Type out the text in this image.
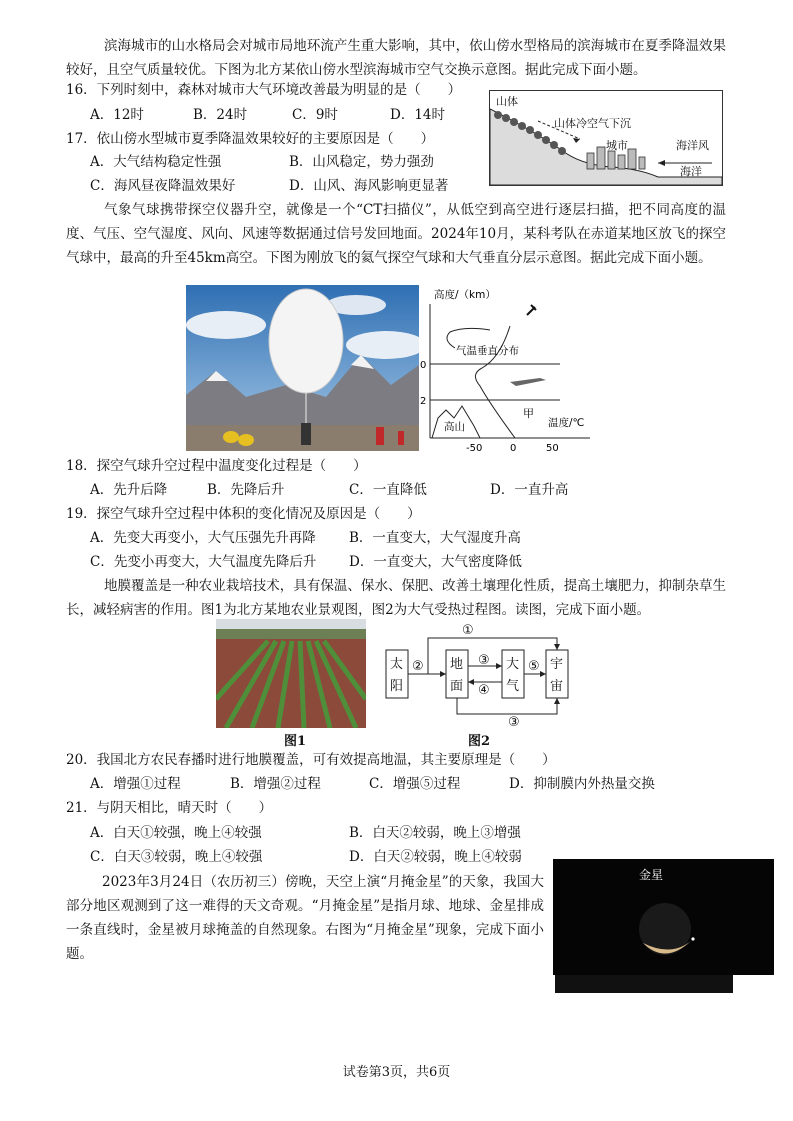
滨海城市的山水格局会对城市局地环流产生重大影响，其中，依山傍水型格局的滨海城市在夏季降温效果较好，且空气质量较优。下图为北方某依山傍水型滨海城市空气交换示意图。据此完成下面小题。
16．下列时刻中，森林对城市大气环境改善最为明显的是（　　）
A．12时	B．24时	C．9时	D．14时
17．依山傍水型城市夏季降温效果较好的主要原因是（　　）
A．大气结构稳定性强	B．山风稳定，势力强劲
C．海风昼夜降温效果好	D．山风、海风影响更显著
山体
山体冷空气下沉
城市	海洋风
海洋
气象气球携带探空仪器升空，就像是一个“CT扫描仪”，从低空到高空进行逐层扫描，把不同高度的温度、气压、空气湿度、风向、风速等数据通过信号发回地面。2024年10月，某科考队在赤道某地区放飞的探空气球中，最高的升至45km高空。下图为刚放飞的氦气探空气球和大气垂直分层示意图。据此完成下面小题。
高度/（km）
气温垂直分布
0
2
甲
高山	温度/℃
-50	0	50
18．探空气球升空过程中温度变化过程是（　　）
A．先升后降	B．先降后升	C．一直降低	D．一直升高
19．探空气球升空过程中体积的变化情况及原因是（　　）
A．先变大再变小，大气压强先升再降 B．一直变大，大气湿度升高
C．先变小再变大，大气温度先降后升 D．一直变大，大气密度降低
地膜覆盖是一种农业栽培技术，具有保温、保水、保肥、改善土壤理化性质，提高土壤肥力，抑制杂草生长，减轻病害的作用。图1为北方某地农业景观图，图2为大气受热过程图。读图，完成下面小题。
图1
太
阳
地
面
大
气
宇
宙
①
②	③
④
⑤
③
图2
20．我国北方农民春播时进行地膜覆盖，可有效提高地温，其主要原理是（　　）
A．增强①过程	B．增强②过程	C．增强⑤过程	D．抑制膜内外热量交换
21．与阴天相比，晴天时（　　）
A．白天①较强，晚上④较强	B．白天②较弱，晚上③增强
C．白天③较弱，晚上④较强	D．白天②较弱，晚上④较弱
2023年3月24日（农历初三）傍晚，天空上演“月掩金星”的天象，我国大部分地区观测到了这一难得的天文奇观。“月掩金星”是指月球、地球、金星排成一条直线时，金星被月球掩盖的自然现象。右图为“月掩金星”现象，完成下面小题。
金星
试卷第3页，共6页
